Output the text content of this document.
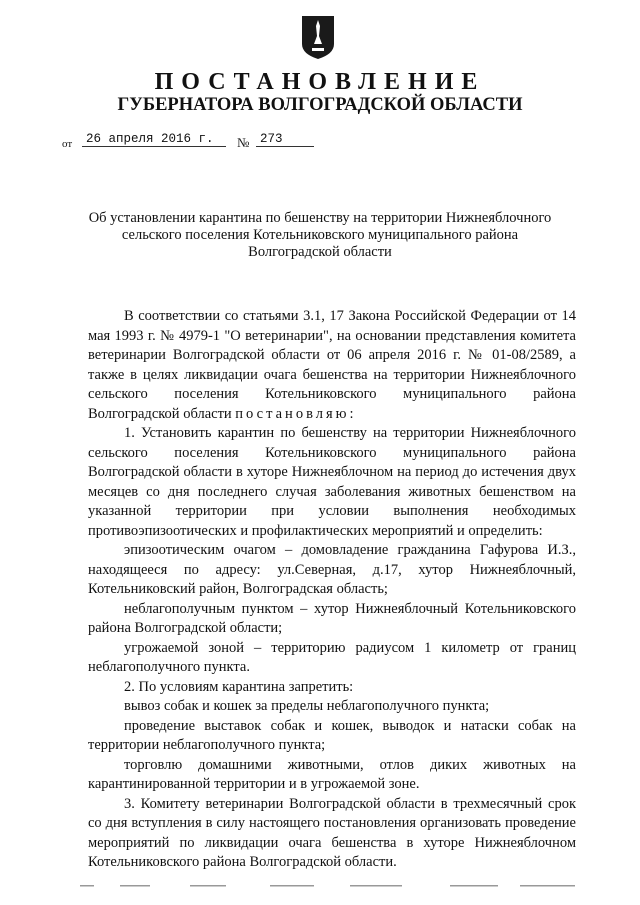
ПОСТАНОВЛЕНИЕ
ГУБЕРНАТОРА ВОЛГОГРАДСКОЙ ОБЛАСТИ
от	26 апреля 2016 г.	№ 273
Об установлении карантина по бешенству на территории Нижнеяблочного
сельского поселения Котельниковского муниципального района
Волгоградской области
В соответствии со статьями 3.1, 17 Закона Российской Федерации от 14 мая 1993 г. № 4979-1 "О ветеринарии", на основании представления комитета ветеринарии Волгоградской области от 06 апреля 2016 г. № 01-08/2589, а также в целях ликвидации очага бешенства на территории Нижнеяблочного сельского поселения Котельниковского муниципального района Волгоградской области постановляю:
1. Установить карантин по бешенству на территории Нижнеяблочного сельского поселения Котельниковского муниципального района Волгоградской области в хуторе Нижнеяблочном на период до истечения двух месяцев со дня последнего случая заболевания животных бешенством на указанной территории при условии выполнения необходимых противоэпизоотических и профилактических мероприятий и определить:
эпизоотическим очагом – домовладение гражданина Гафурова И.З., находящееся по адресу: ул.Северная, д.17, хутор Нижнеяблочный, Котельниковский район, Волгоградская область;
неблагополучным пунктом – хутор Нижнеяблочный Котельниковского района Волгоградской области;
угрожаемой зоной – территорию радиусом 1 километр от границ неблагополучного пункта.
2. По условиям карантина запретить:
вывоз собак и кошек за пределы неблагополучного пункта;
проведение выставок собак и кошек, выводок и натаски собак на территории неблагополучного пункта;
торговлю домашними животными, отлов диких животных на карантинированной территории и в угрожаемой зоне.
3. Комитету ветеринарии Волгоградской области в трехмесячный срок со дня вступления в силу настоящего постановления организовать проведение мероприятий по ликвидации очага бешенства в хуторе Нижнеяблочном Котельниковского района Волгоградской области.
